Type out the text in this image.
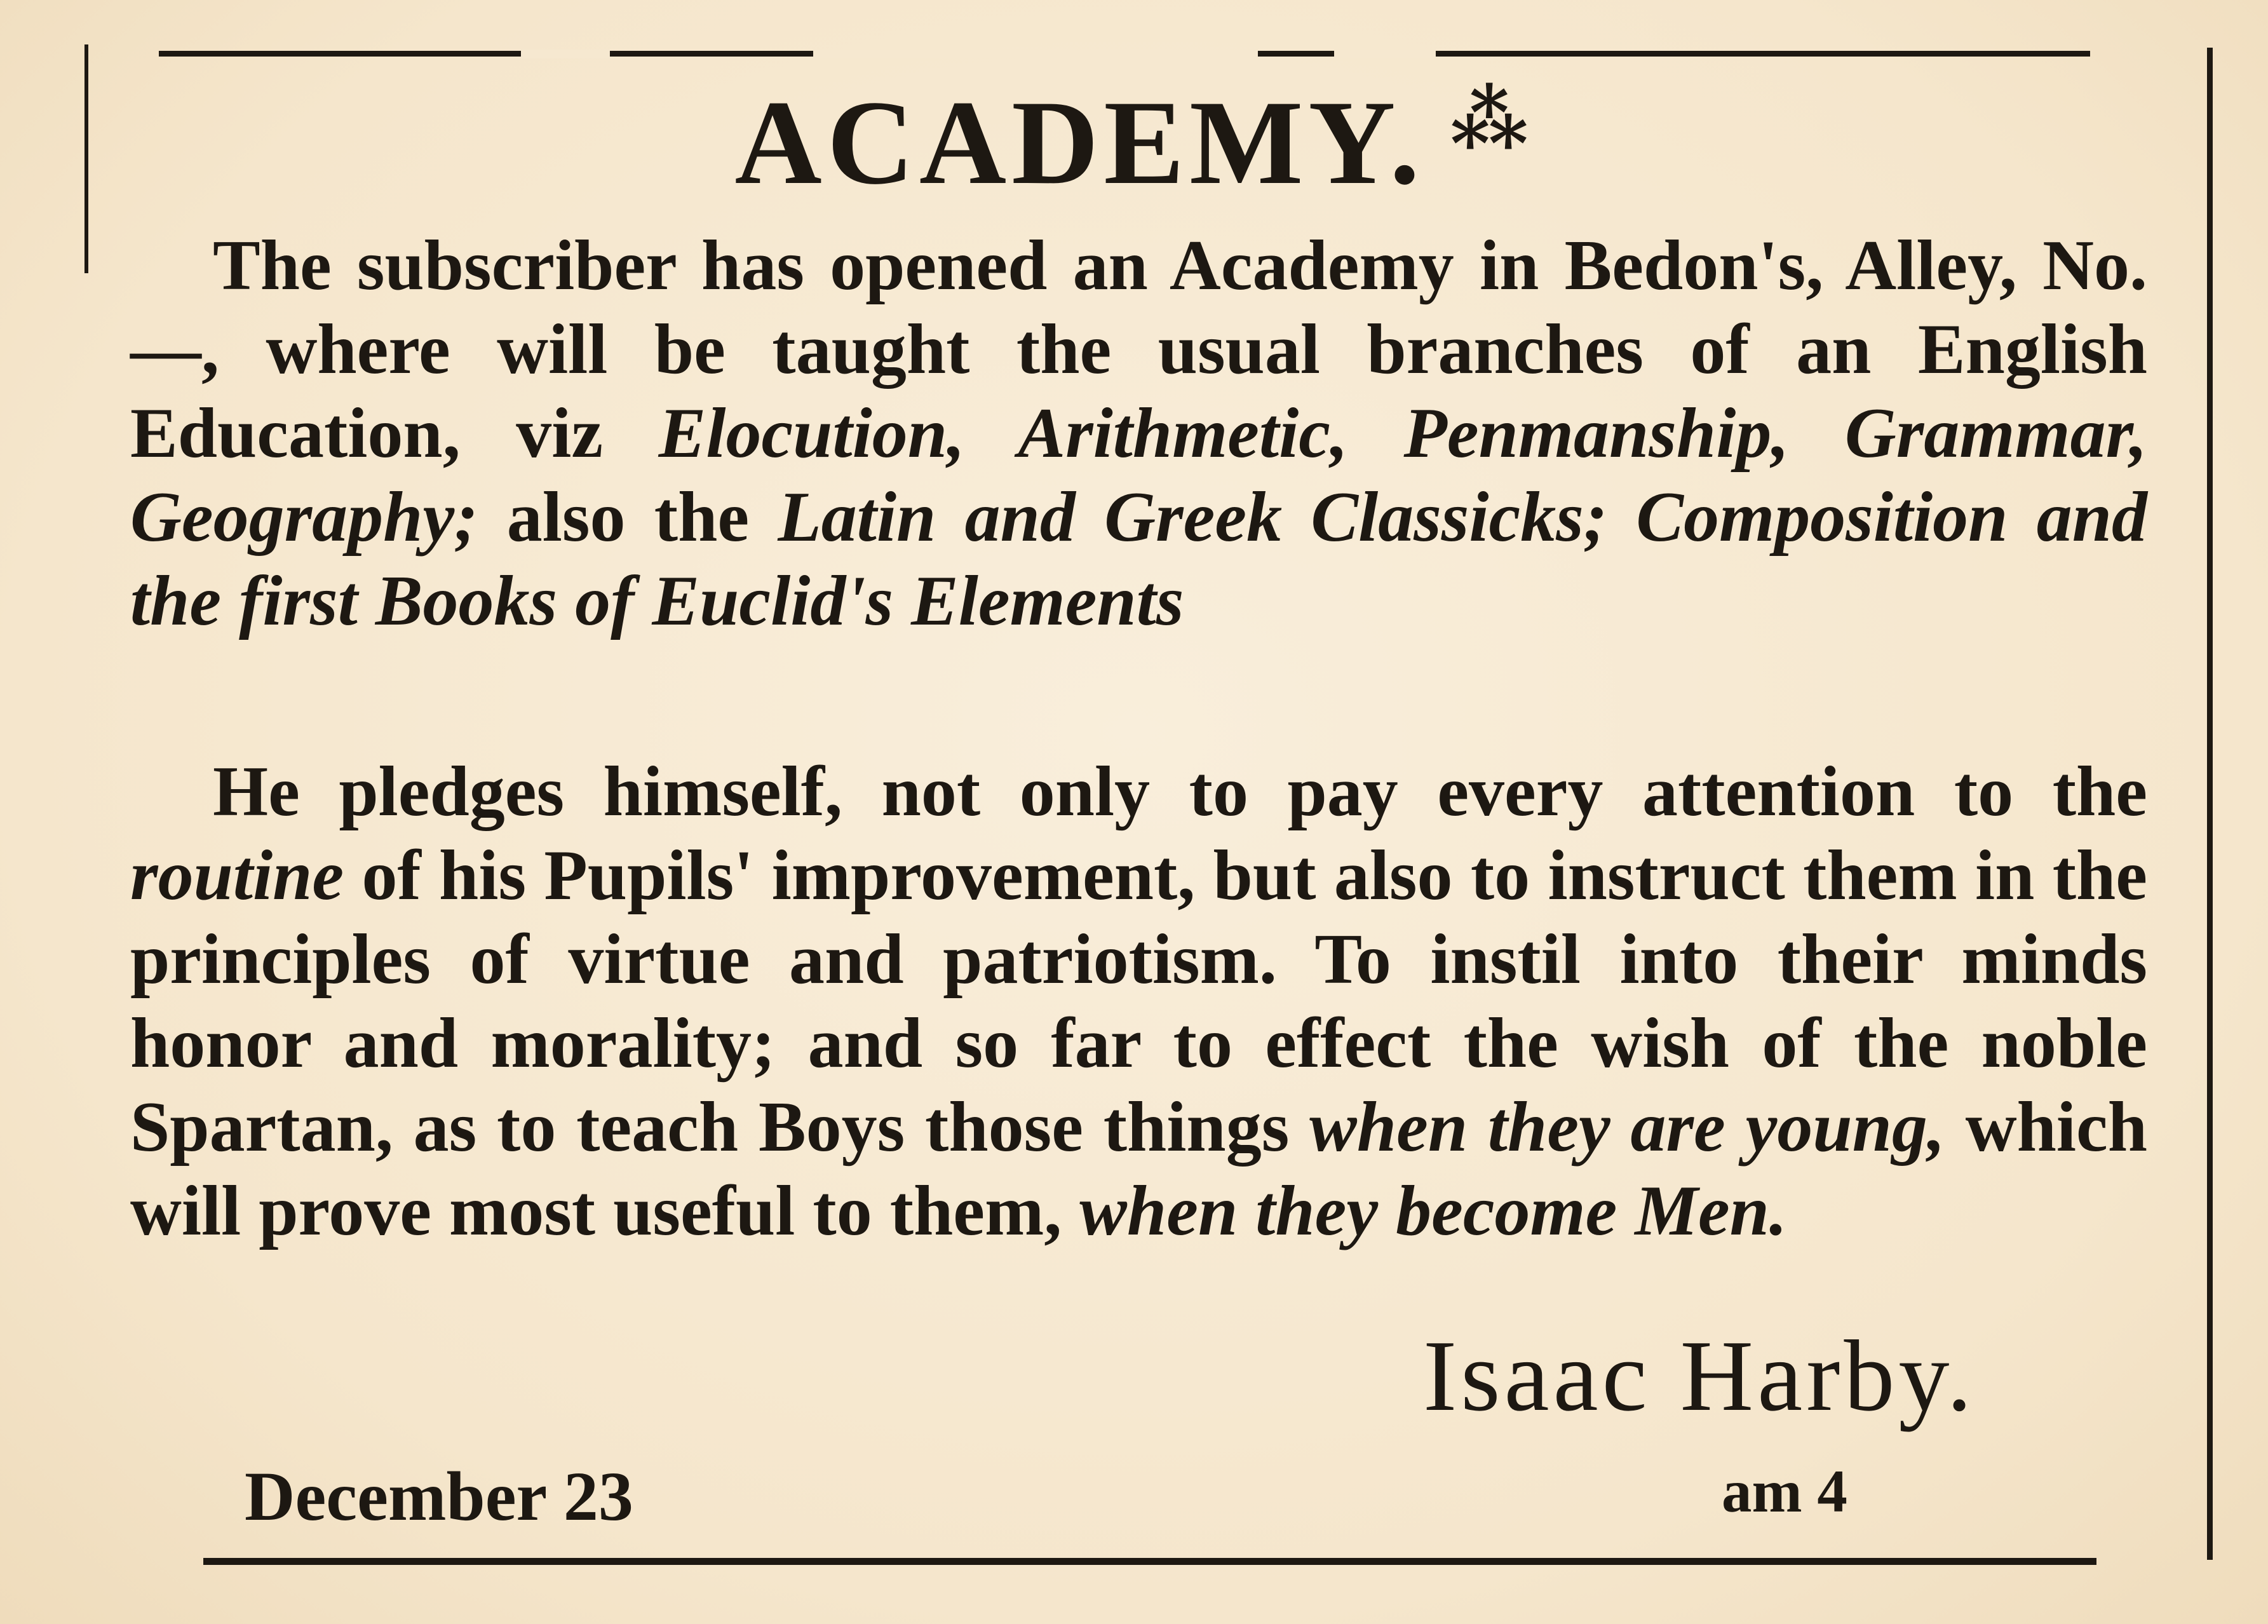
ACADEMY. ⁂

The subscriber has opened an Academy in Bedon's, Alley, No. —, where will be taught the usual branches of an English Education, viz Elocution, Arithmetic, Penmanship, Grammar, Geography; also the Latin and Greek Classicks; Composition and the first Books of Euclid's Elements

He pledges himself, not only to pay every attention to the routine of his Pupils' improvement, but also to instruct them in the principles of virtue and patriotism. To instil into their minds honor and morality; and so far to effect the wish of the noble Spartan, as to teach Boys those things when they are young, which will prove most useful to them, when they become Men.

Isaac Harby.
December 23	am 4
